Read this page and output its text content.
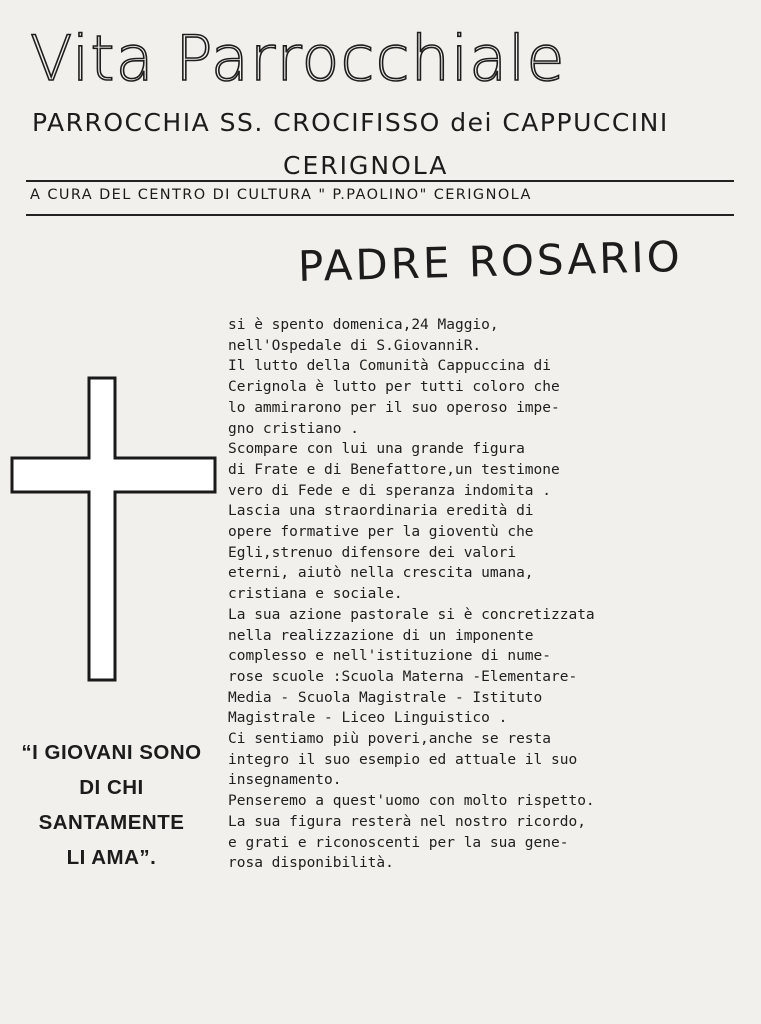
Vita Parrocchiale
PARROCCHIA SS. CROCIFISSO dei CAPPUCCINI
CERIGNOLA
A CURA DEL CENTRO DI CULTURA " P.PAOLINO" CERIGNOLA
PADRE ROSARIO
“I GIOVANI SONO
DI CHI
SANTAMENTE
LI AMA”.
si è spento domenica,24 Maggio,
nell'Ospedale di S.GiovanniR.
Il lutto della Comunità Cappuccina di
Cerignola è lutto per tutti coloro che
lo ammirarono per il suo operoso impe-
gno cristiano .
Scompare con lui una grande figura
di Frate e di Benefattore,un testimone
vero di Fede e di speranza indomita .
Lascia una straordinaria eredità di
opere formative per la gioventù che
Egli,strenuo difensore dei valori
eterni, aiutò nella crescita umana,
cristiana e sociale.
La sua azione pastorale si è concretizzata
nella realizzazione di un imponente
complesso e nell'istituzione di nume-
rose scuole :Scuola Materna -Elementare-
Media - Scuola Magistrale - Istituto
Magistrale - Liceo Linguistico .
Ci sentiamo più poveri,anche se resta
integro il suo esempio ed attuale il suo
insegnamento.
Penseremo a quest'uomo con molto rispetto.
La sua figura resterà nel nostro ricordo,
e grati e riconoscenti per la sua gene-
rosa disponibilità.
